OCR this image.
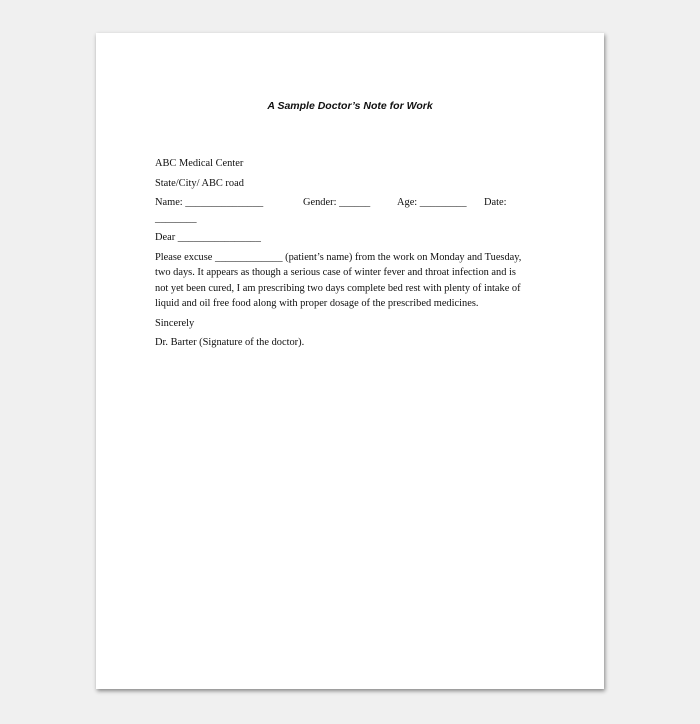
A Sample Doctor’s Note for Work
ABC Medical Center
State/City/ ABC road
Name: _______________	Gender: ______	Age: _________ Date:
________
Dear ________________
Please excuse _____________ (patient’s name) from the work on Monday and Tuesday,
two days. It appears as though a serious case of winter fever and throat infection and is
not yet been cured, I am prescribing two days complete bed rest with plenty of intake of
liquid and oil free food along with proper dosage of the prescribed medicines.
Sincerely
Dr. Barter (Signature of the doctor).
